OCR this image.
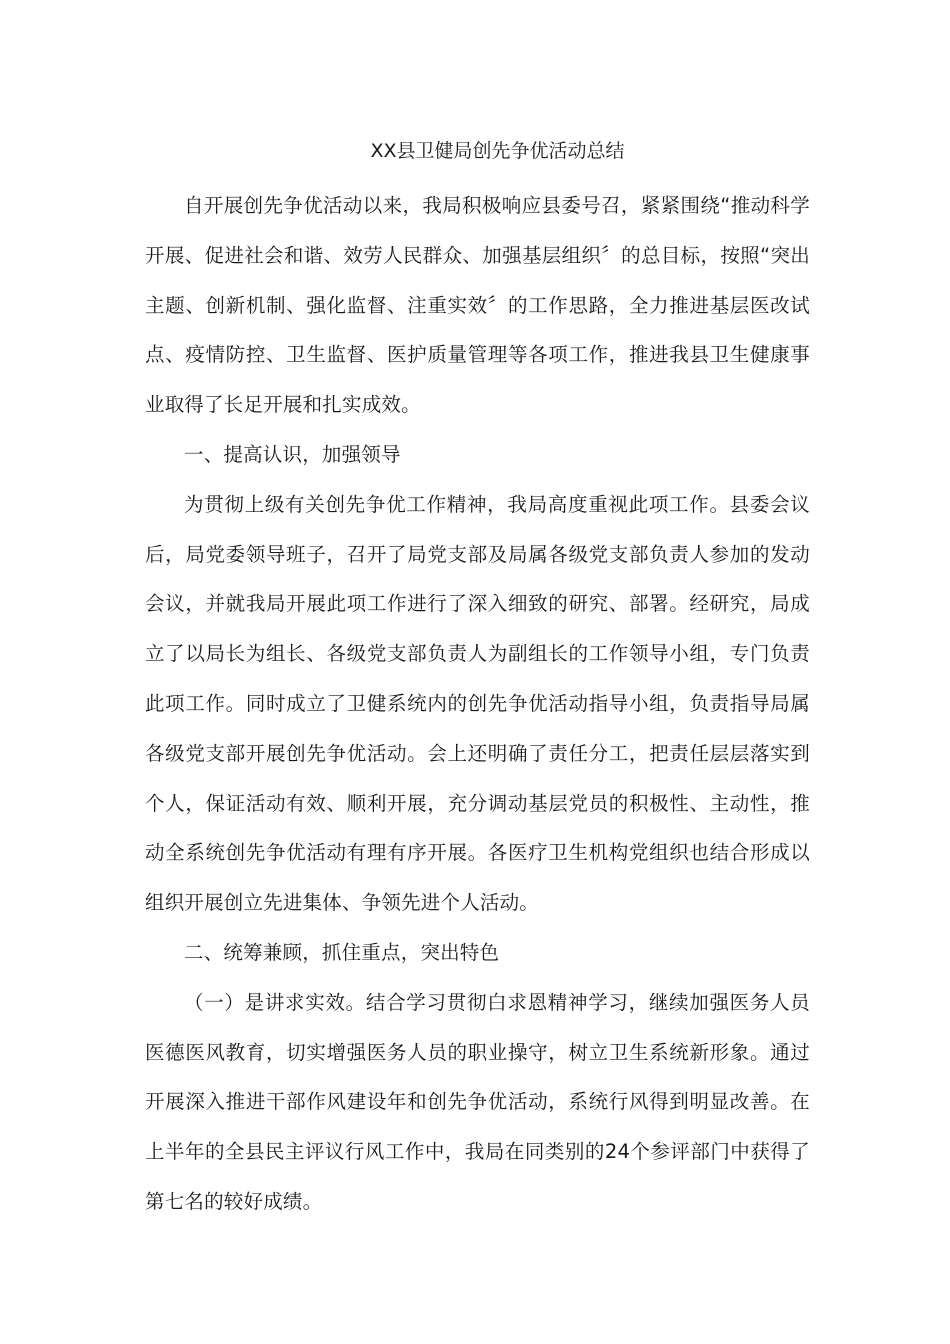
XX县卫健局创先争优活动总结

自开展创先争优活动以来，我局积极响应县委号召，紧紧围绕“推动科学开展、促进社会和谐、效劳人民群众、加强基层组织〞的总目标，按照“突出主题、创新机制、强化监督、注重实效〞的工作思路，全力推进基层医改试点、疫情防控、卫生监督、医护质量管理等各项工作，推进我县卫生健康事业取得了长足开展和扎实成效。

一、提高认识，加强领导

为贯彻上级有关创先争优工作精神，我局高度重视此项工作。县委会议后，局党委领导班子，召开了局党支部及局属各级党支部负责人参加的发动会议，并就我局开展此项工作进行了深入细致的研究、部署。经研究，局成立了以局长为组长、各级党支部负责人为副组长的工作领导小组，专门负责此项工作。同时成立了卫健系统内的创先争优活动指导小组，负责指导局属各级党支部开展创先争优活动。会上还明确了责任分工，把责任层层落实到个人，保证活动有效、顺利开展，充分调动基层党员的积极性、主动性，推动全系统创先争优活动有理有序开展。各医疗卫生机构党组织也结合形成以组织开展创立先进集体、争领先进个人活动。

二、统筹兼顾，抓住重点，突出特色

（一）是讲求实效。结合学习贯彻白求恩精神学习，继续加强医务人员医德医风教育，切实增强医务人员的职业操守，树立卫生系统新形象。通过开展深入推进干部作风建设年和创先争优活动，系统行风得到明显改善。在上半年的全县民主评议行风工作中，我局在同类别的24个参评部门中获得了第七名的较好成绩。
